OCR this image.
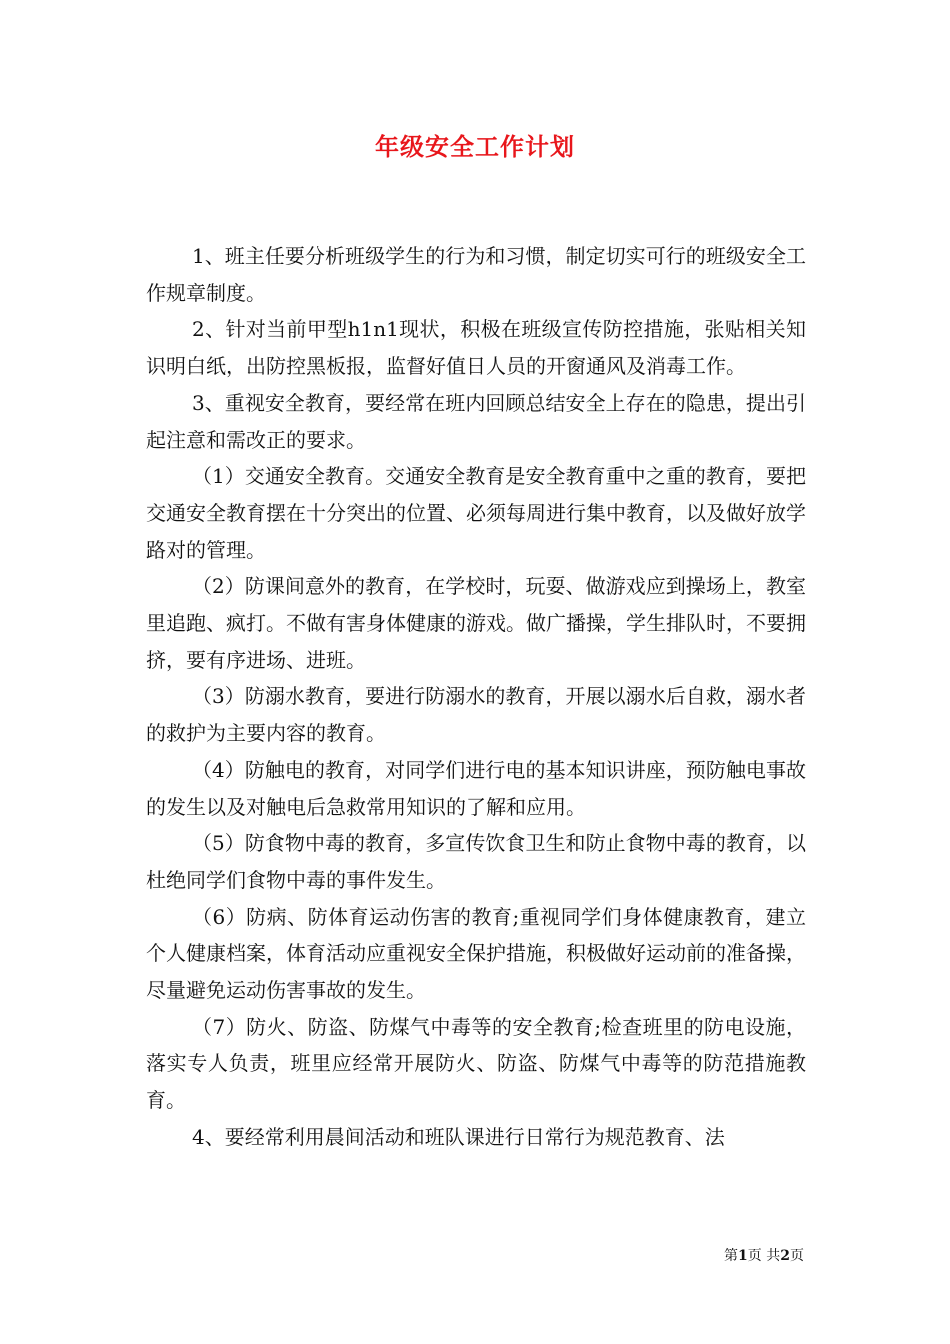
年级安全工作计划

1、班主任要分析班级学生的行为和习惯，制定切实可行的班级安全工作规章制度。

2、针对当前甲型h1n1现状，积极在班级宣传防控措施，张贴相关知识明白纸，出防控黑板报，监督好值日人员的开窗通风及消毒工作。

3、重视安全教育，要经常在班内回顾总结安全上存在的隐患，提出引起注意和需改正的要求。

（1）交通安全教育。交通安全教育是安全教育重中之重的教育，要把交通安全教育摆在十分突出的位置、必须每周进行集中教育，以及做好放学路对的管理。

（2）防课间意外的教育，在学校时，玩耍、做游戏应到操场上，教室里追跑、疯打。不做有害身体健康的游戏。做广播操，学生排队时，不要拥挤，要有序进场、进班。

（3）防溺水教育，要进行防溺水的教育，开展以溺水后自救，溺水者的救护为主要内容的教育。

（4）防触电的教育，对同学们进行电的基本知识讲座，预防触电事故的发生以及对触电后急救常用知识的了解和应用。

（5）防食物中毒的教育，多宣传饮食卫生和防止食物中毒的教育，以杜绝同学们食物中毒的事件发生。

（6）防病、防体育运动伤害的教育;重视同学们身体健康教育，建立个人健康档案，体育活动应重视安全保护措施，积极做好运动前的准备操，尽量避免运动伤害事故的发生。

（7）防火、防盗、防煤气中毒等的安全教育;检查班里的防电设施，落实专人负责，班里应经常开展防火、防盗、防煤气中毒等的防范措施教育。

4、要经常利用晨间活动和班队课进行日常行为规范教育、法

第1页 共2页
